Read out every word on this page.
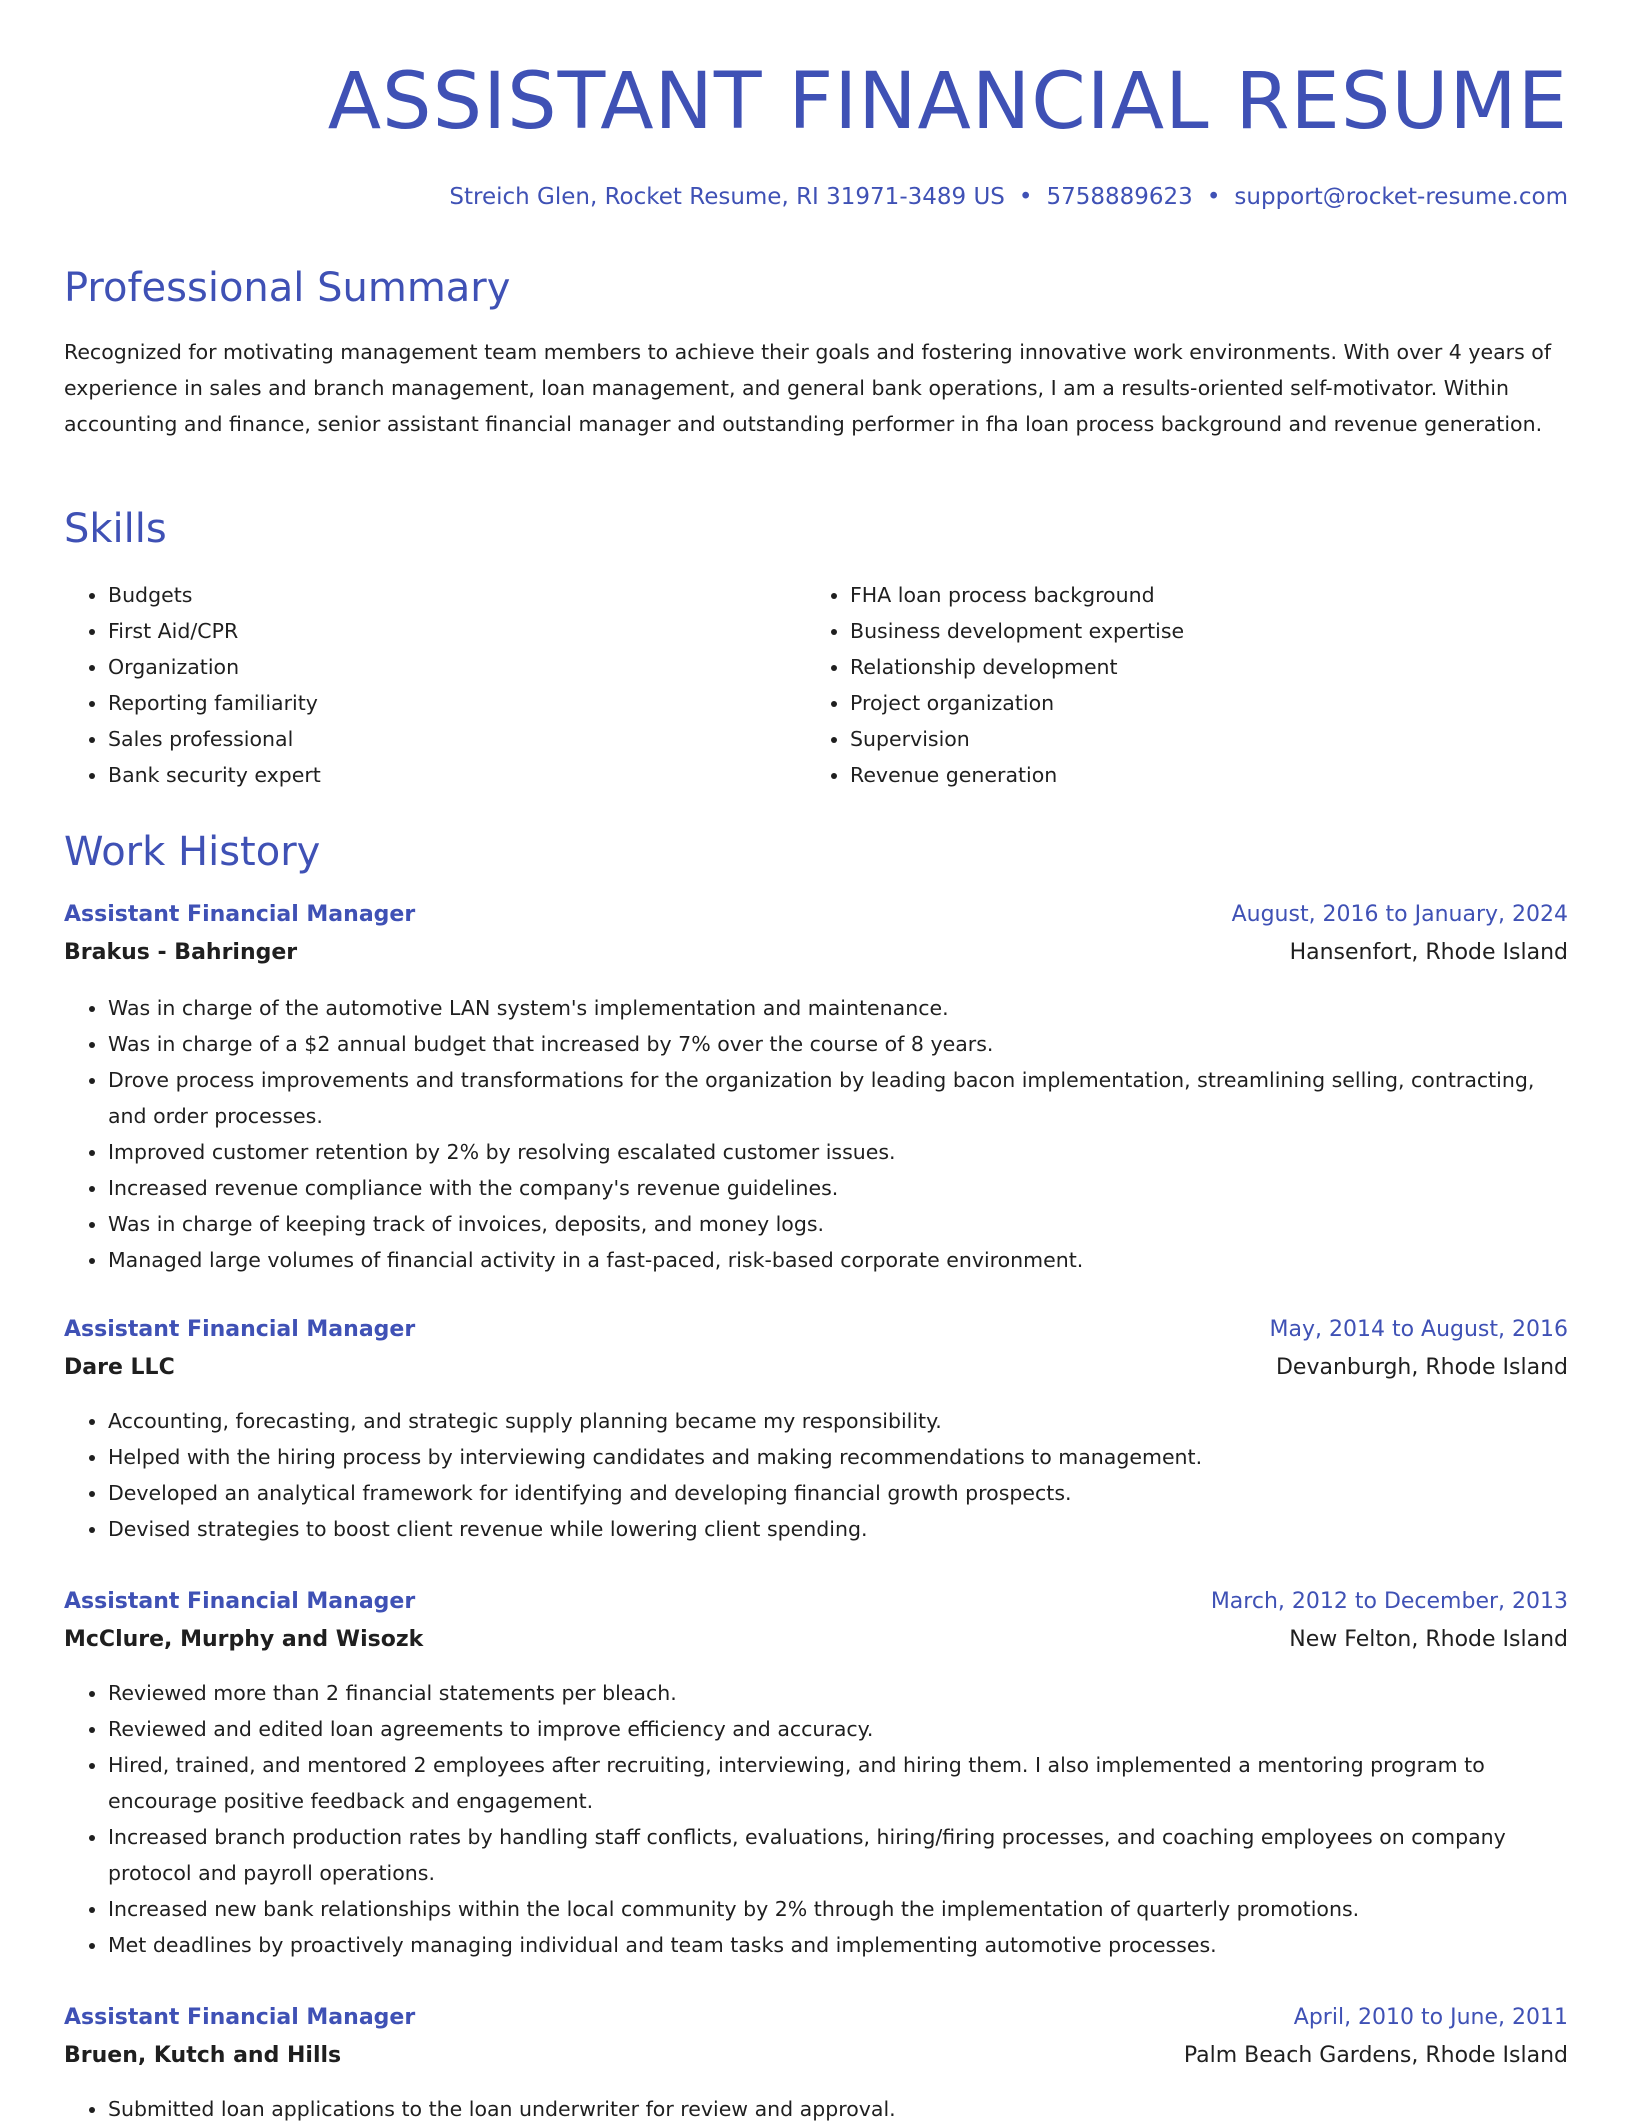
ASSISTANT FINANCIAL RESUME
Streich Glen, Rocket Resume, RI 31971-3489 US • 5758889623 • support@rocket-resume.com
Professional Summary

Recognized for motivating management team members to achieve their goals and fostering innovative work environments. With over 4 years of experience in sales and branch management, loan management, and general bank operations, I am a results-oriented self-motivator. Within accounting and finance, senior assistant financial manager and outstanding performer in fha loan process background and revenue generation.

Skills
• Budgets
• First Aid/CPR
• Organization
• Reporting familiarity
• Sales professional
• Bank security expert
• FHA loan process background
• Business development expertise
• Relationship development
• Project organization
• Supervision
• Revenue generation
Work History
Assistant Financial Manager	August, 2016 to January, 2024
Brakus - Bahringer	Hansenfort, Rhode Island
• Was in charge of the automotive LAN system's implementation and maintenance.
• Was in charge of a $2 annual budget that increased by 7% over the course of 8 years.
• Drove process improvements and transformations for the organization by leading bacon implementation, streamlining selling, contracting, and order processes.
• Improved customer retention by 2% by resolving escalated customer issues.
• Increased revenue compliance with the company's revenue guidelines.
• Was in charge of keeping track of invoices, deposits, and money logs.
• Managed large volumes of financial activity in a fast-paced, risk-based corporate environment.
Assistant Financial Manager	May, 2014 to August, 2016
Dare LLC	Devanburgh, Rhode Island
• Accounting, forecasting, and strategic supply planning became my responsibility.
• Helped with the hiring process by interviewing candidates and making recommendations to management.
• Developed an analytical framework for identifying and developing financial growth prospects.
• Devised strategies to boost client revenue while lowering client spending.
Assistant Financial Manager	March, 2012 to December, 2013
McClure, Murphy and Wisozk	New Felton, Rhode Island
• Reviewed more than 2 financial statements per bleach.
• Reviewed and edited loan agreements to improve efficiency and accuracy.
• Hired, trained, and mentored 2 employees after recruiting, interviewing, and hiring them. I also implemented a mentoring program to encourage positive feedback and engagement.
• Increased branch production rates by handling staff conflicts, evaluations, hiring/firing processes, and coaching employees on company protocol and payroll operations.
• Increased new bank relationships within the local community by 2% through the implementation of quarterly promotions.
• Met deadlines by proactively managing individual and team tasks and implementing automotive processes.
Assistant Financial Manager	April, 2010 to June, 2011
Bruen, Kutch and Hills	Palm Beach Gardens, Rhode Island
• Submitted loan applications to the loan underwriter for review and approval.
